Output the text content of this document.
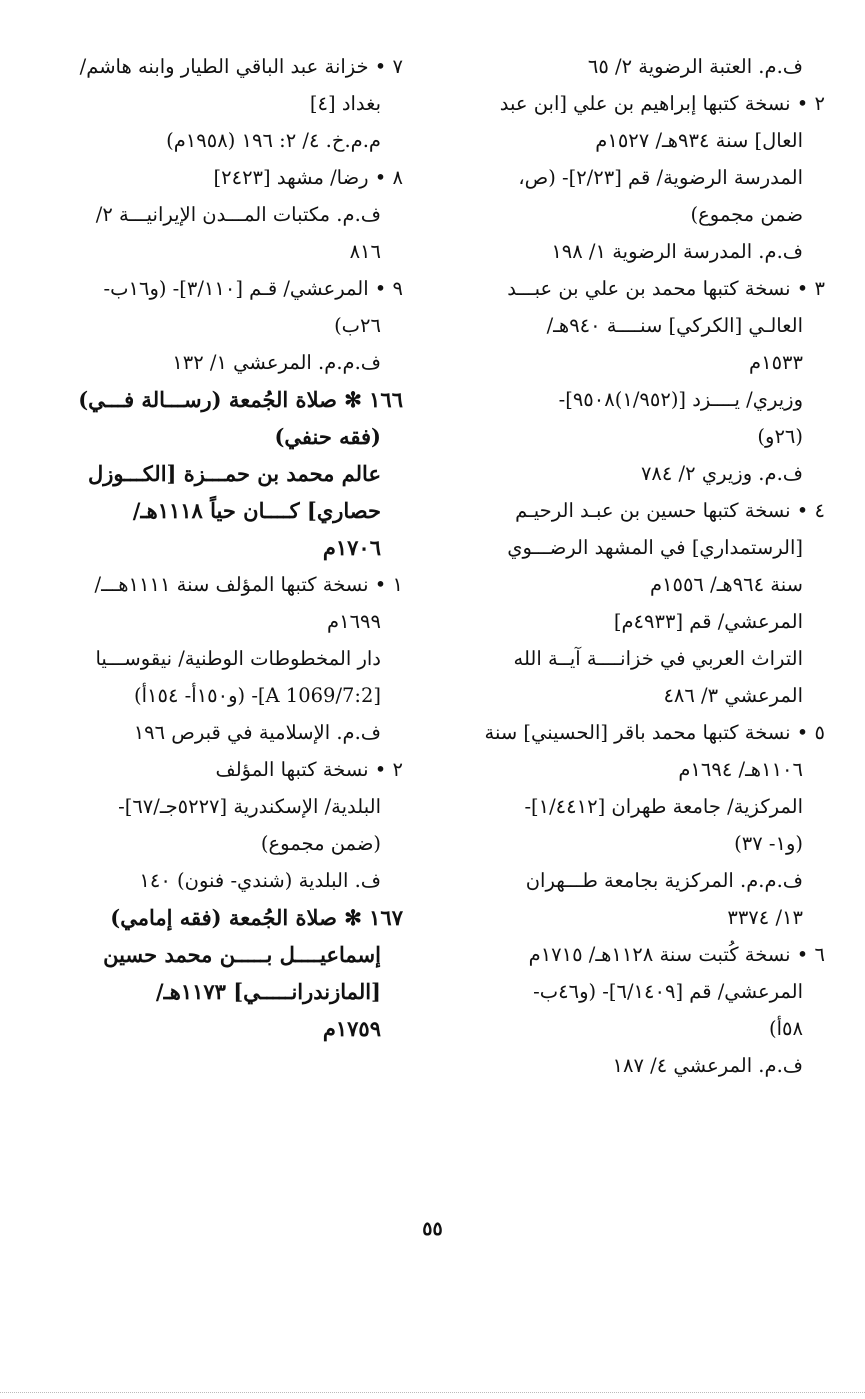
ف.م. العتبة الرضوية ٢/ ٦٥
٢ • نسخة كتبها إبراهيم بن علي [ابن عبد
العال] سنة ٩٣٤هـ/ ١٥٢٧م
المدرسة الرضوية/ قم [٢/٢٣]- (ص،
ضمن مجموع)
ف.م. المدرسة الرضوية ١/ ١٩٨
٣ • نسخة كتبها محمد بن علي بن عبـــد
العالـي [الكركي] سنــــة ٩٤٠هـ/
١٥٣٣م
وزيري/ يــــزد [(١/٩٥٢)٩٥٠٨]-
(٢٦و)
ف.م. وزيري ٢/ ٧٨٤
٤ • نسخة كتبها حسين بن عبـد الرحيـم
[الرستمداري] في المشهد الرضـــوي
سنة ٩٦٤هـ/ ١٥٥٦م
المرعشي/ قم [٤٩٣٣م]
التراث العربي في خزانــــة آيــة الله
المرعشي ٣/ ٤٨٦
٥ • نسخة كتبها محمد باقر [الحسيني] سنة
١١٠٦هـ/ ١٦٩٤م
المركزية/ جامعة طهران [١/٤٤١٢]-
(و١- ٣٧)
ف.م.م. المركزية بجامعة طـــهران
١٣/ ٣٣٧٤
٦ • نسخة كُتبت سنة ١١٢٨هـ/ ١٧١٥م
المرعشي/ قم [٦/١٤٠٩]- (و٤٦ب-
٥٨أ)
ف.م. المرعشي ٤/ ١٨٧
٧ • خزانة عبد الباقي الطيار وابنه هاشم/
بغداد [٤]
م.م.خ. ٤/ ٢: ١٩٦ (١٩٥٨م)
٨ • رضا/ مشهد [٢٤٢٣]
ف.م. مكتبات المـــدن الإيرانيـــة ٢/
٨١٦
٩ • المرعشي/ قـم [٣/١١٠]- (و١٦ب-
٢٦ب)
ف.م.م. المرعشي ١/ ١٣٢
١٦٦ ✻ صلاة الجُمعة (رســـالة فـــي)
(فقه حنفي)
عالم محمد بن حمـــزة [الكـــوزل
حصاري] كــــان حياً ١١١٨هـ/
١٧٠٦م
١ • نسخة كتبها المؤلف سنة ١١١١هـــ/
١٦٩٩م
دار المخطوطات الوطنية/ نيقوســـيا
[A 1069/7:2]- (و١٥٠أ- ١٥٤أ)
ف.م. الإسلامية في قبرص ١٩٦
٢ • نسخة كتبها المؤلف
البلدية/ الإسكندرية [٥٢٢٧جـ/٦٧]-
(ضمن مجموع)
ف. البلدية (شندي- فنون) ١٤٠
١٦٧ ✻ صلاة الجُمعة (فقه إمامي)
إسماعيــــل بـــــن محمد حسين
[المازندرانـــــي] ١١٧٣هـ/
١٧٥٩م
٥٥
